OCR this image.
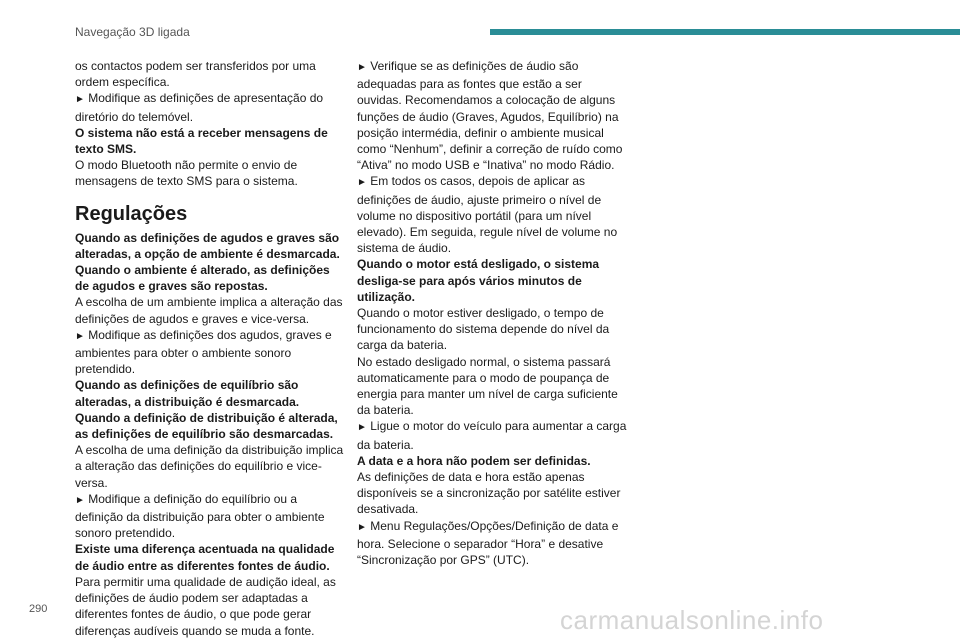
Navegação 3D ligada

os contactos podem ser transferidos por uma ordem específica.

► Modifique as definições de apresentação do diretório do telemóvel.

O sistema não está a receber mensagens de texto SMS.

O modo Bluetooth não permite o envio de mensagens de texto SMS para o sistema.

Regulações

Quando as definições de agudos e graves são alteradas, a opção de ambiente é desmarcada.

Quando o ambiente é alterado, as definições de agudos e graves são repostas.

A escolha de um ambiente implica a alteração das definições de agudos e graves e vice-versa.

► Modifique as definições dos agudos, graves e ambientes para obter o ambiente sonoro pretendido.

Quando as definições de equilíbrio são alteradas, a distribuição é desmarcada.

Quando a definição de distribuição é alterada, as definições de equilíbrio são desmarcadas.

A escolha de uma definição da distribuição implica a alteração das definições do equilíbrio e vice-versa.

► Modifique a definição do equilíbrio ou a definição da distribuição para obter o ambiente sonoro pretendido.

Existe uma diferença acentuada na qualidade de áudio entre as diferentes fontes de áudio.

Para permitir uma qualidade de audição ideal, as definições de áudio podem ser adaptadas a diferentes fontes de áudio, o que pode gerar diferenças audíveis quando se muda a fonte.

► Verifique se as definições de áudio são adequadas para as fontes que estão a ser ouvidas. Recomendamos a colocação de alguns funções de áudio (Graves, Agudos, Equilíbrio) na posição intermédia, definir o ambiente musical como “Nenhum”, definir a correção de ruído como “Ativa” no modo USB e “Inativa” no modo Rádio.

► Em todos os casos, depois de aplicar as definições de áudio, ajuste primeiro o nível de volume no dispositivo portátil (para um nível elevado). Em seguida, regule nível de volume no sistema de áudio.

Quando o motor está desligado, o sistema desliga-se para após vários minutos de utilização.

Quando o motor estiver desligado, o tempo de funcionamento do sistema depende do nível da carga da bateria.

No estado desligado normal, o sistema passará automaticamente para o modo de poupança de energia para manter um nível de carga suficiente da bateria.

► Ligue o motor do veículo para aumentar a carga da bateria.

A data e a hora não podem ser definidas.

As definições de data e hora estão apenas disponíveis se a sincronização por satélite estiver desativada.

► Menu Regulações/Opções/Definição de data e hora. Selecione o separador “Hora” e desative “Sincronização por GPS” (UTC).

290	carmanualsonline.info
